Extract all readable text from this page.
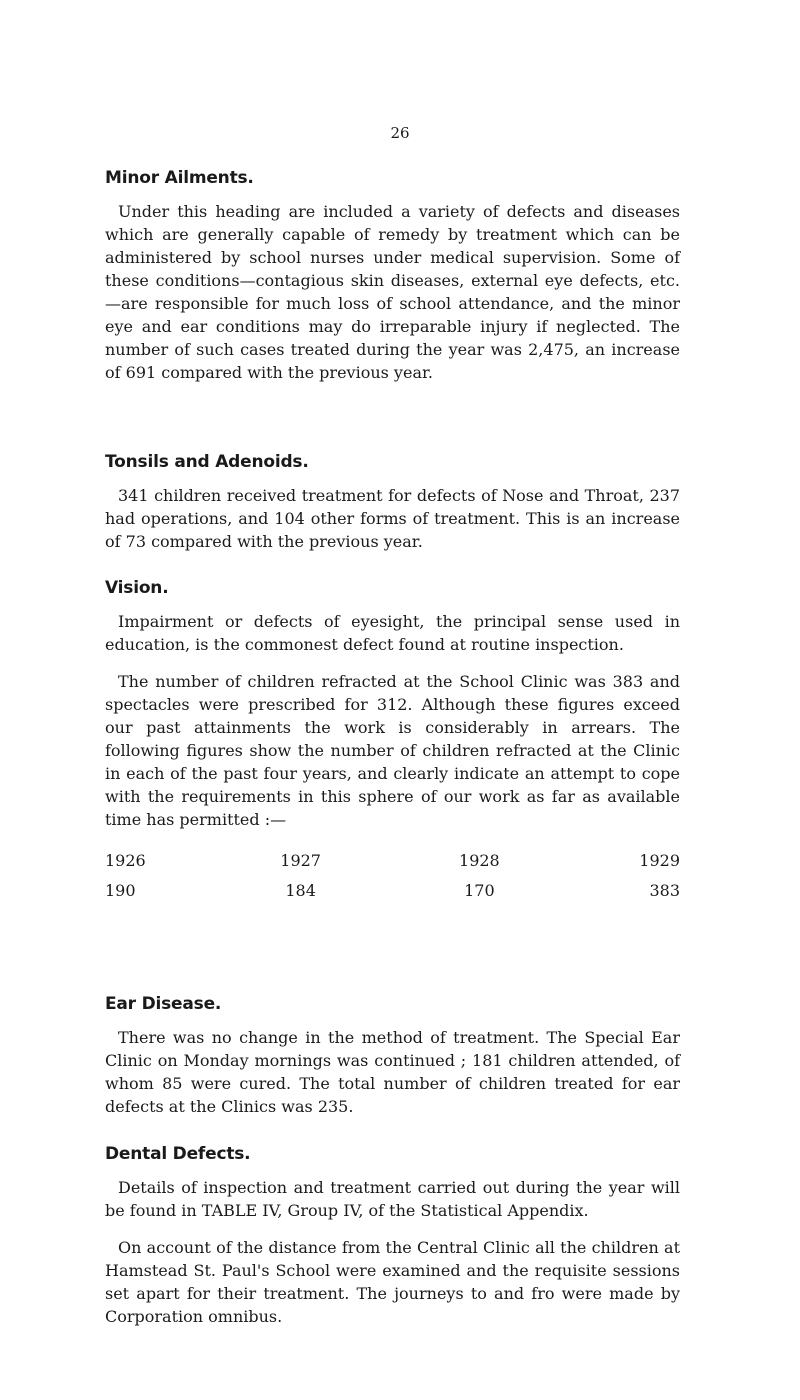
26
Minor Ailments.

Under this heading are included a variety of defects and diseases which are generally capable of remedy by treatment which can be administered by school nurses under medical supervision. Some of these conditions—contagious skin diseases, external eye defects, etc.—are responsible for much loss of school attendance, and the minor eye and ear conditions may do irreparable injury if neglected. The number of such cases treated during the year was 2,475, an increase of 691 compared with the previous year.

Tonsils and Adenoids.

341 children received treatment for defects of Nose and Throat, 237 had operations, and 104 other forms of treatment. This is an increase of 73 compared with the previous year.

Vision.

Impairment or defects of eyesight, the principal sense used in education, is the commonest defect found at routine inspection.

The number of children refracted at the School Clinic was 383 and spectacles were prescribed for 312. Although these figures exceed our past attainments the work is considerably in arrears. The following figures show the number of children refracted at the Clinic in each of the past four years, and clearly indicate an attempt to cope with the requirements in this sphere of our work as far as available time has permitted :—

1926	1927	1928	1929
190	184	170	383
Ear Disease.

There was no change in the method of treatment. The Special Ear Clinic on Monday mornings was continued ; 181 children attended, of whom 85 were cured. The total number of children treated for ear defects at the Clinics was 235.

Dental Defects.

Details of inspection and treatment carried out during the year will be found in TABLE IV, Group IV, of the Statistical Appendix.

On account of the distance from the Central Clinic all the children at Hamstead St. Paul's School were examined and the requisite sessions set apart for their treatment. The journeys to and fro were made by Corporation omnibus.
